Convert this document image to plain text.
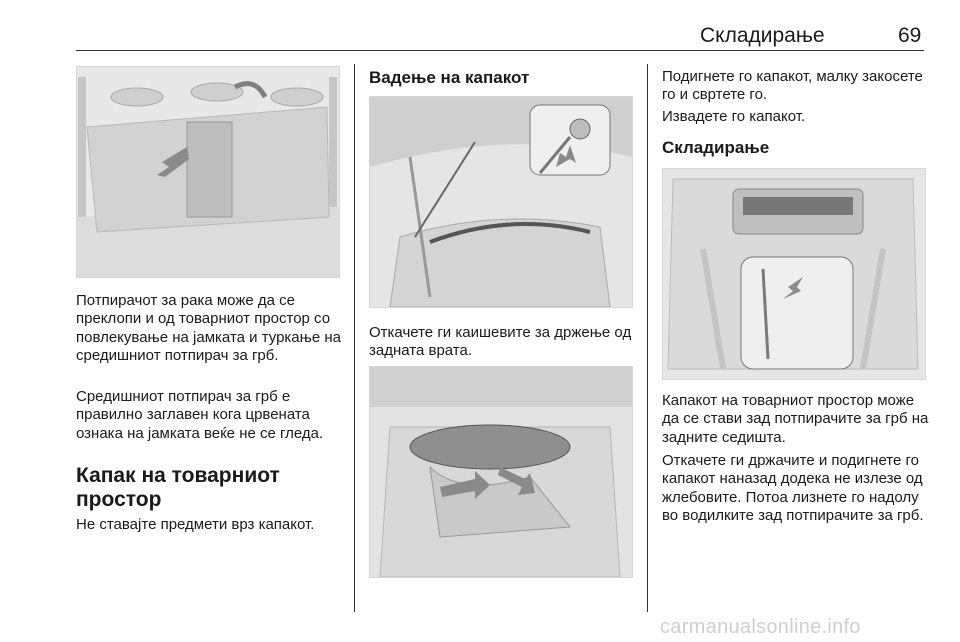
Складирање	69

Потпирачот за рака може да се преклопи и од товарниот простор со повлекување на јамката и туркање на средишниот потпирач за грб.

Средишниот потпирач за грб е правилно заглавен кога црвената ознака на јамката веќе не се гледа.

Капак на товарниот простор

Не ставајте предмети врз капакот.

Вадење на капакот

Откачете ги каишевите за држење од задната врата.

Подигнете го капакот, малку закосете го и свртете го.

Извадете го капакот.

Складирање

Капакот на товарниот простор може да се стави зад потпирачите за грб на задните седишта.

Откачете ги држачите и подигнете го капакот наназад додека не излезе од жлебовите. Потоа лизнете го надолу во водилките зад потпирачите за грб.

carmanualsonline.info
